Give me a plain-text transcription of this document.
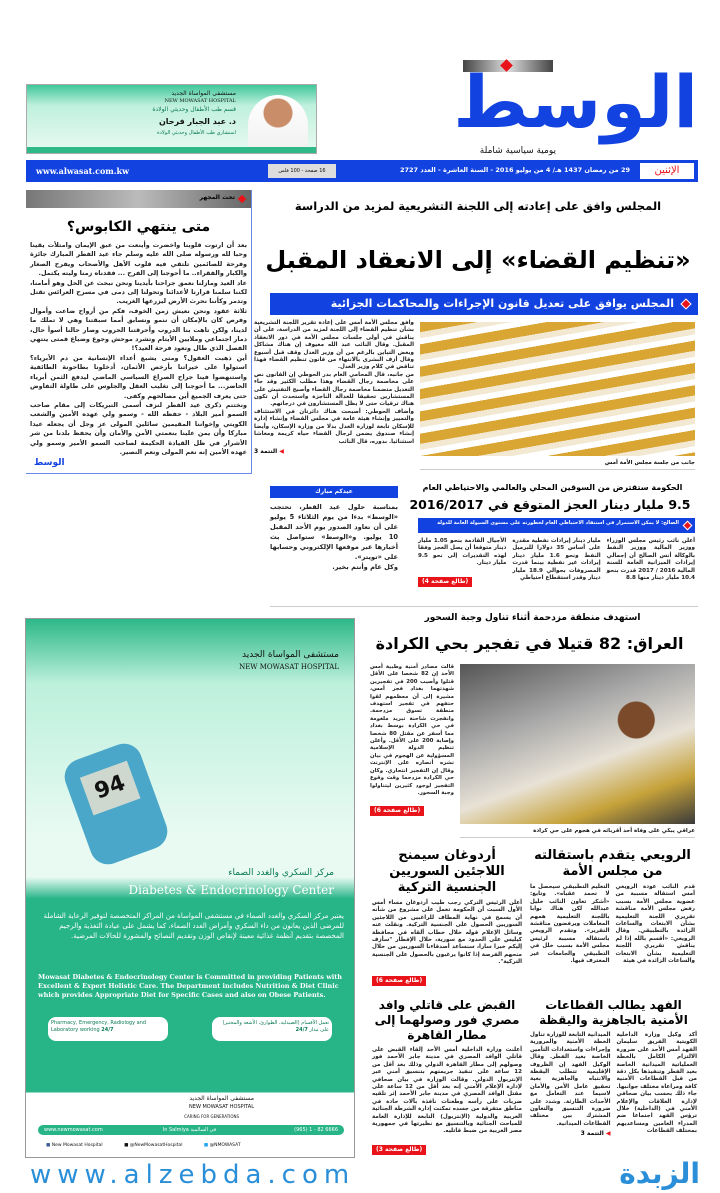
الوسط
يومية سياسية شاملة
مستشفى المواساة الجديد
NEW MOWASAT HOSPITAL
قسم طب الأطفال وحديثي الولادة
د. عبد الجبار فرحان
استشاري طب الأطفال وحديثي الولادة
الإثنين
29 من رمضان 1437 هـ/ 4 من يوليو 2016 - السنة العاشرة - العدد 2727
16 صفحة - 100 فلس
www.alwasat.com.kw
تحت المجهر
متى ينتهي الكابوس؟

بعد أن ارتوت قلوبنا واخضرت وأينعت من عبق الإيمان وامتلأت يقينا وحبا لله ورسوله صلى الله عليه وسلم جاء عيد الفطر المبارك جائزة وفرحة للصائمين تلتقي فيه قلوب الأهل والأصحاب ويفرح الصغار والكبار والفقراء.. ما أحوجنا إلى الفرح ... فقدناه زمنا وليته يكتمل.

عاد العيد ومازلنا نعمق جراحنا بأيدينا ونحن نبحث عن الحل وهو أمامنا، لكننا سلمنا قرارنا لأعدائنا وتحولنا إلى دمى في مسرح العرائس تقتل وتدمر وكأننا نحرث الأرض ليزرعها الغريب.

ثلاثة عقود ونحن نعيش زمن الخوف، فكم من أرواح ضاعت وأموال وفرص كان بالإمكان أن ننمو ونسابق أمما سبقتنا وهي لا تملك ما لدينا، ولكن تاهت بنا الدروب وأحرقتنا الحروب وصار حالنا أسوأ حال، دمار اجتماعي وملايين الأيتام وتشرد موحش وجوع وضياع فمتى ينتهي الفصل الذي طال وتعود فرحة العيد؟!

أين ذهبت العقول؟ ومتى يشبع أعداء الإنسانية من دم الأبرياء؟ استولوا على خيراتنا بأرخص الأثمان، أدخلونا بطاحونة الطائفية واستنهضوا فينا جراح الصراع السياسي الماضي ليدفع الثمن أبرياء الحاضر... ما أحوجنا إلى تغليب العقل والجلوس على طاولة التفاوض حتى يعرف الجميع أين مصالحهم وكفى.

ونختتم ذكرى عيد الفطر لنزف أسمى التبريكات إلى مقام صاحب السمو أمير البلاد - حفظه الله - وسمو ولي عهده الأمين والشعب الكويتي وإخواننا المقيمين سائلين المولى عز وجل أن يجعله عيدا مباركا وأن يمن علينا بنعمتي الأمن والأمان وأن يحفظ بلدنا من شر الأشرار في ظل القيادة الحكيمة لصاحب السمو الأمير وسمو ولي عهده الأمين إنه نعم المولى ونعم النصير.

الوسط
المجلس وافق على إعادته إلى اللجنة التشريعية لمزيد من الدراسة
«تنظيم القضاء» إلى الانعقاد المقبل
المجلس يوافق على تعديل قانون الإجراءات والمحاكمات الجزائية

وافق مجلس الأمة أمس على إعادة تقرير اللجنة التشريعية بشأن تنظيم القضاء إلى اللجنة لمزيد من الدراسة، على أن يناقش في أولى جلسات مجلس الأمة في دور الانعقاد المقبل. وقال النائب عبد الله معيوف إن هناك مشاكل وبعض التباين بالرغم من أن وزير العدل وقف قبل أسبوع وقال أزف البشرى بالانتهاء من قانون تنظيم القضاء فهذا تناقض في كلام وزير العدل.

من جانبه، قال المحامي العام بدر الحوطي إن القانون نص على مخاصمة رجال القضاء وهذا مطلب الكثير وقد جاء التعديل متضمنا مخاصمة رجال القضاء وأصبح التفتيش على المستشارين تحقيقا للعدالة الناجزة واستحدث أن تكون هناك ترقيات حتى لا يظل المستشارون في درجاتهم.

وأضاف الحوطي: أصبحت هناك دائرتان في الاستئناف والتمييز وإنشاء هيئة عامة في مجلس القضاء وإنشاء إدارة للإسكان تابعة لوزارة العدل بدلا من وزارة الإسكان، وأيضا إنشاء صندوق يضمن لرجال القضاء حياة كريمة ومعاشا استثنائيا. بدوره، قال النائب

◀ التتمة 3
جانب من جلسة مجلس الأمة أمس
عيدكم مبارك

بمناسبة حلول عيد الفطر، تحتجب «الوسط» بدءا من يوم الثلاثاء 5 يوليو على أن تعاود الصدور يوم الأحد المقبل 10 يوليو. و«الوسط» ستواصل بث أخبارها عبر موقعها الإلكتروني وحسابها على «تويتر».

وكل عام وأنتم بخير.

الحكومة ستقترض من السوقين المحلي والعالمي والاحتياطي العام
9.5 مليار دينار العجز المتوقع في 2016/2017
الصالح: لا يمكن الاستمرار في استنفاد الاحتياطي العام لخطورته على مستوى السيولة العامة للدولة
أعلن نائب رئيس مجلس الوزراء ووزير المالية ووزير النفط بالوكالة أنس الصالح أن إجمالي إيرادات الميزانية العامة للسنة المالية 2016 / 2017 قدرت بنحو 10.4 مليار دينار منها 8.8
مليار دينار إيرادات نفطية مقدرة على أساس 35 دولارا للبرميل النفط ونحو 1.6 مليار دينار إيرادات غير نفطية بينما قدرت المصروفات بحوالي 18.9 مليار دينار وقدر استقطاع احتياطي
الأجيال القادمة بنحو 1.05 مليار دينار متوقعا أن يصل العجز وفقا لهذه التقديرات إلى نحو 9.5 مليار دينار.
(طالع صفحة 4)
استهدف منطقة مزدحمة أثناء تناول وجبة السحور
العراق: 82 قتيلا في تفجير بحي الكرادة
قالت مصادر أمنية وطبية أمس الأحد إن 82 شخصا على الأقل قتلوا وأصيب 200 في تفجيرين شهدتهما بغداد فجر أمس، مشيرة إلى أن معظمهم لقوا حتفهم في تفجير استهدف منطقة تسوق مزدحمة. وانفجرت شاحنة تبريد ملغومة في حي الكرادة بوسط بغداد مما أسفر عن مقتل 80 شخصا وإصابة 200 على الأقل. وأعلن تنظيم الدولة الإسلامية المسؤولية عن الهجوم في بيان نشره أنصاره على الإنترنت وقال إن التفجير انتحاري. وكان حي الكرادة مزدحما وقت وقوع التفجير لوجود كثيرين ليتناولوا وجبة السحور.
(طالع صفحة 6)
عراقي يبكي على وفاة أحد أقربائه في هجوم على حي كرادة
الرويعي يتقدم باستقالته من مجلس الأمة
قدم النائب عودة الرويعي أمس استقالة مسببة من عضوية مجلس الأمة بسبب رفض مجلس الأمة مناقشة تقريري اللجنة التعليمية بشأن الابتعاث والساعات الزائدة بالتطبيقي. وقال الرويعي: «أقسم بالله إذا لم يناقش تقريري اللجنة التعليمية بشأن الابتعاث والساعات الزائدة في هيئة
التعليم التطبيقي سيحصل ما لا تحمد عقباه». وتابع: «أشكر تعاون النائب خليل عبدالله لكن هناك نوابا باللجنة التعليمية همهم المعاملات ويرفضون مناقشة التقرير». وتقدم الرويعي باستقالة مسببة لرئيس مجلس الأمة بسبب خلل في التطبيقي والجامعات غير المعترف فيها.
أردوغان سيمنح اللاجئين السوريين الجنسية التركية
أعلن الرئيس التركي رجب طيب أردوغان مساء أمس الأول السبت أن الحكومة تعمل على مشروع من شأنه أن يسمح في نهاية المطاف للراغبين من اللاجئين السوريين الحصول على الجنسية التركية. ونقلت عنه وسائل الإعلام قوله خلال خطاب ألقاه في محافظة كيليس على الحدود مع سورية، خلال الإفطار "سأزف إليكم خبرا سارا، سنساعد أصدقاءنا السوريين من خلال منحهم الفرصة إذا كانوا يرغبون بالحصول على الجنسية التركية".
(طالع صفحة 6)
الفهد يطالب القطاعات الأمنية بالجاهزية واليقظة
أكد وكيل وزارة الداخلية الكويتية الفريق سليمان الفهد أمس الأحد على ضرورة الالتزام الكامل بالخطة العملياتية الميدانية الخاصة بعيد الفطر وتنفيذها بكل دقة من قبل القطاعات الأمنية كافة ومراعاة مختلف جوانبها. جاء ذلك بحسب بيان صحافي لإدارة العلاقات والإعلام الأمني في (الداخلية) خلال ترؤس الفهد اجتماعا ضم المدراء العامين ومساعديهم بمختلف القطاعات
الميدانية التابعة للوزارة تناول الخطة الأمنية والمرورية وإجراءات واستعدادات التأمين الخاصة بعيد الفطر. وقال الوكيل الفهد إن الظروف الإقليمية تتطلب اليقظة والانتباه والجاهزية بغية تحقيق عامل الأمن والأمان لاسيما عند التعامل مع الأحداث الطارئة. وشدد على ضرورة التنسيق والتعاون المشترك بين مختلف القطاعات الميدانية.
◀ التتمة 3
القبض على قاتلي وافد مصري فور وصولهما إلى مطار القاهرة
أعلنت وزارة الداخلية أمس الأحد إلقاء القبض على قاتلي الوافد المصري في مدينة جابر الأحمد فور وصولهم إلى مطار القاهرة الدولي وذلك بعد أقل من 12 ساعة على تنفيذ جريمتهم بتنسيق أمني عبر الإنتربول الدولي. وقالت الوزارة في بيان صحافي لإدارة الإعلام الأمني إنه بعد أقل من 12 ساعة على مقتل الوافد المصري في مدينة جابر الأحمد إثر تلقيه ضربات على رأسه وطعنات نافذة بآلات حادة في مناطق متفرقة من جسده تمكنت إدارة الشرطة الجنائية العربية والدولية (الإنتربول) التابعة للإدارة العامة للمباحث الجنائية وبالتنسيق مع نظيرتها في جمهورية مصر العربية من ضبط قاتليه.
(طالع صفحة 3)
مستشفى المواساة الجديد
NEW MOWASAT HOSPITAL
94
مركز السكري والغدد الصماء
Diabetes & Endocrinology Center

يعتبر مركز السكري والغدد الصماء في مستشفى المواساة من المراكز المتخصصة لتوفير الرعاية الشاملة للمرضى الذين يعانون من داء السكري وأمراض الغدد الصماء، كما يشمل على عيادة التغذية والرجيم المخصصة بتقديم أنظمة غذائية معينة لإنقاص الوزن وتقديم النصائح والمشورة للحالات المرضية.

Mowasat Diabetes & Endocrinology Center is Committed in providing Patients with Excellent & Expert Holistic Care. The Department includes Nutrition & Diet Clinic which provides Appropriate Diet for Specific Cases and also on Obese Patients.

Pharmacy, Emergency, Radiology and Laboratory working 24/7
تعمل الأقسام (الصيدلية، الطوارئ، الأشعة والمختبر) على مدار 24/7
مستشفى المواساة الجديد
NEW MOWASAT HOSPITAL
CARING FOR GENERATIONS
www.newmowasat.com	In Salmiya في السالمية	(965) 1 - 82 6666
■ New Mowasat Hospital	■ @NewMowasatHospital	■ @NMOWASAT
www.alzebda.com	الزبدة
